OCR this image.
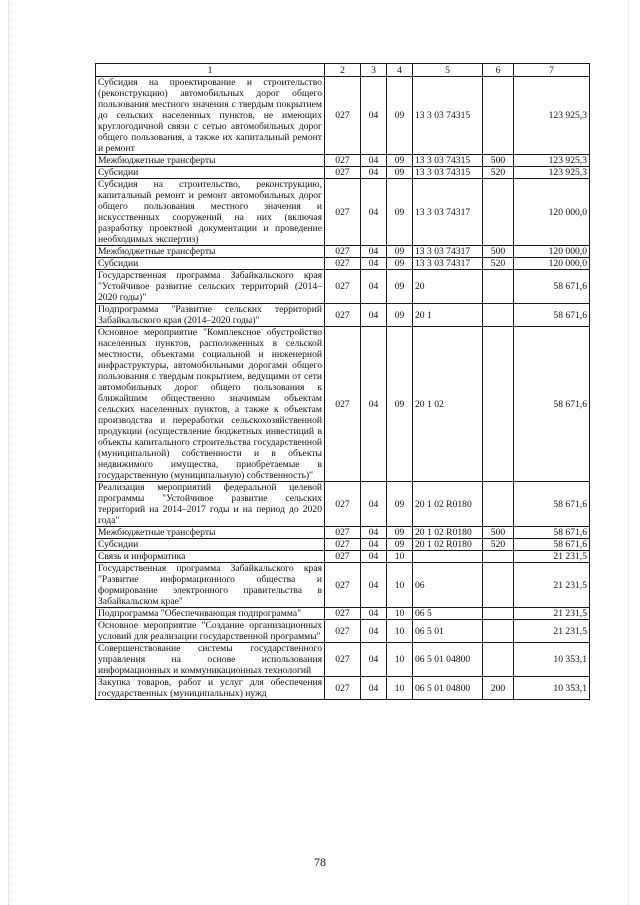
1	2	3	4	5	6	7
Субсидия на проектирование и строительство (реконструкцию) автомобильных дорог общего пользования местного значения с твердым покрытием до сельских населенных пунктов, не имеющих круглогодичной связи с сетью автомобильных дорог общего пользования, а также их капитальный ремонт и ремонт	027	04	09	13 3 03 74315		123 925,3
Межбюджетные трансферты	027	04	09	13 3 03 74315	500	123 925,3
Субсидии	027	04	09	13 3 03 74315	520	123 925,3
Субсидия на строительство, реконструкцию, капитальный ремонт и ремонт автомобильных дорог общего пользования местного значения и искусственных сооружений на них (включая разработку проектной документации и проведение необходимых экспертиз)	027	04	09	13 3 03 74317		120 000,0
Межбюджетные трансферты	027	04	09	13 3 03 74317	500	120 000,0
Субсидии	027	04	09	13 3 03 74317	520	120 000,0
Государственная программа Забайкальского края "Устойчивое развитие сельских территорий (2014–2020 годы)"	027	04	09	20		58 671,6
Подпрограмма "Развитие сельских территорий Забайкальского края (2014–2020 годы)"	027	04	09	20 1		58 671,6
Основное мероприятие "Комплексное обустройство населенных пунктов, расположенных в сельской местности, объектами социальной и инженерной инфраструктуры, автомобильными дорогами общего пользования с твердым покрытием, ведущими от сети автомобильных дорог общего пользования к ближайшим общественно значимым объектам сельских населенных пунктов, а также к объектам производства и переработки сельскохозяйственной продукции (осуществление бюджетных инвестиций в объекты капитального строительства государственной (муниципальной) собственности и в объекты недвижимого имущества, приобретаемые в государственную (муниципальную) собственность)"	027	04	09	20 1 02		58 671,6
Реализация мероприятий федеральной целевой программы "Устойчивое развитие сельских территорий на 2014–2017 годы и на период до 2020 года"	027	04	09	20 1 02 R0180		58 671,6
Межбюджетные трансферты	027	04	09	20 1 02 R0180	500	58 671,6
Субсидии	027	04	09	20 1 02 R0180	520	58 671,6
Связь и информатика	027	04	10			21 231,5
Государственная программа Забайкальского края "Развитие информационного общества и формирование электронного правительства в Забайкальском крае"	027	04	10	06		21 231,5
Подпрограмма "Обеспечивающая подпрограмма"	027	04	10	06 5		21 231,5
Основное мероприятие "Создание организационных условий для реализации государственной программы"	027	04	10	06 5 01		21 231,5
Совершенствование системы государственного управления на основе использования информационных и коммуникационных технологий	027	04	10	06 5 01 04800		10 353,1
Закупка товаров, работ и услуг для обеспечения государственных (муниципальных) нужд	027	04	10	06 5 01 04800	200	10 353,1
78
